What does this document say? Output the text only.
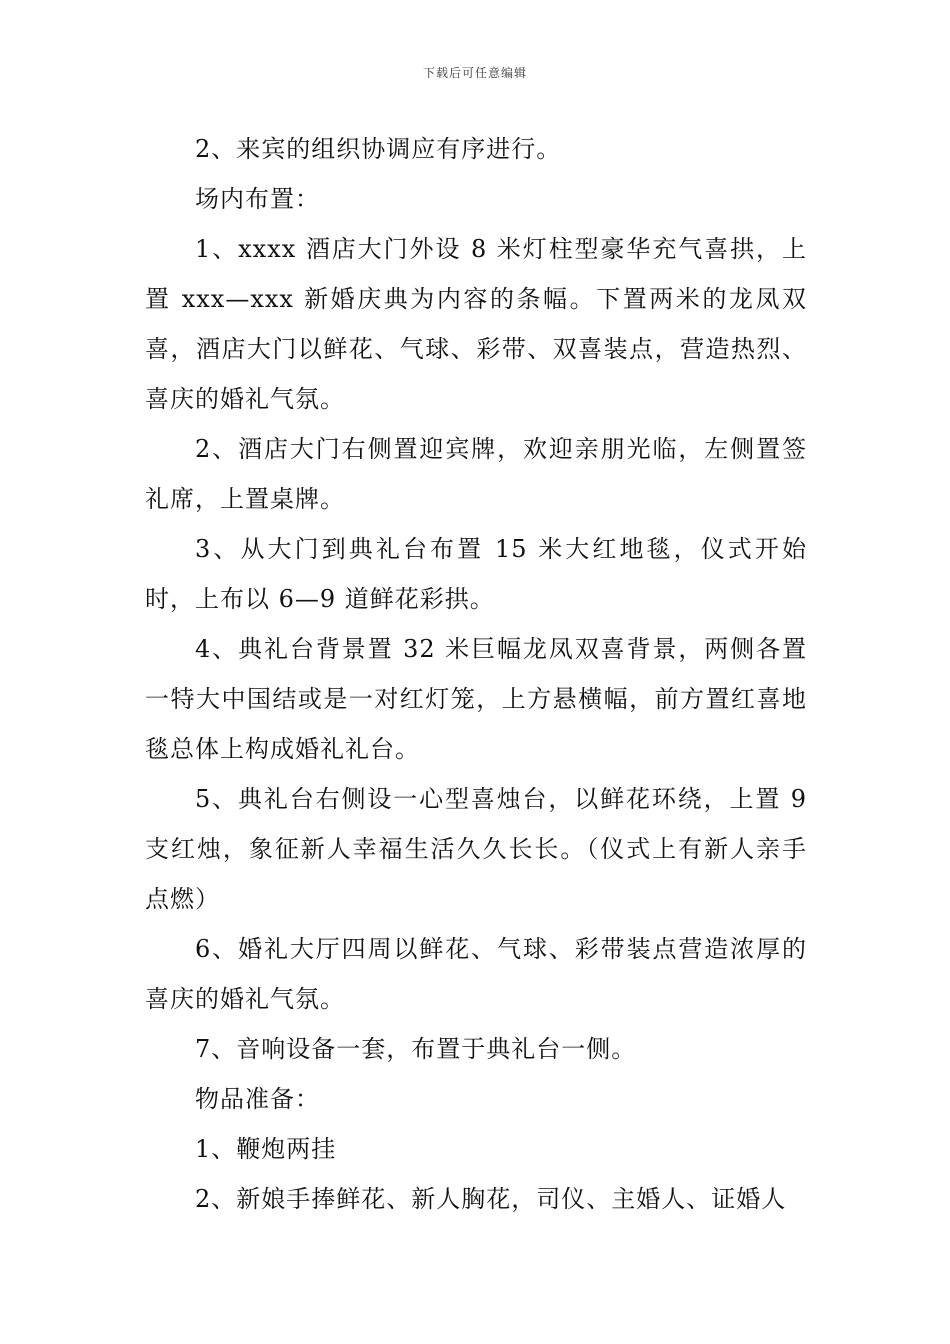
下载后可任意编辑

2、来宾的组织协调应有序进行。

场内布置：

1、xxxx 酒店大门外设 8 米灯柱型豪华充气喜拱，上置 xxx—xxx 新婚庆典为内容的条幅。下置两米的龙凤双喜，酒店大门以鲜花、气球、彩带、双喜装点，营造热烈、喜庆的婚礼气氛。

2、酒店大门右侧置迎宾牌，欢迎亲朋光临，左侧置签礼席，上置桌牌。

3、从大门到典礼台布置 15 米大红地毯，仪式开始时，上布以 6—9 道鲜花彩拱。

4、典礼台背景置 32 米巨幅龙凤双喜背景，两侧各置一特大中国结或是一对红灯笼，上方悬横幅，前方置红喜地毯总体上构成婚礼礼台。

5、典礼台右侧设一心型喜烛台，以鲜花环绕，上置 9 支红烛，象征新人幸福生活久久长长。（仪式上有新人亲手点燃）

6、婚礼大厅四周以鲜花、气球、彩带装点营造浓厚的喜庆的婚礼气氛。

7、音响设备一套，布置于典礼台一侧。

物品准备：

1、鞭炮两挂

2、新娘手捧鲜花、新人胸花，司仪、主婚人、证婚人
